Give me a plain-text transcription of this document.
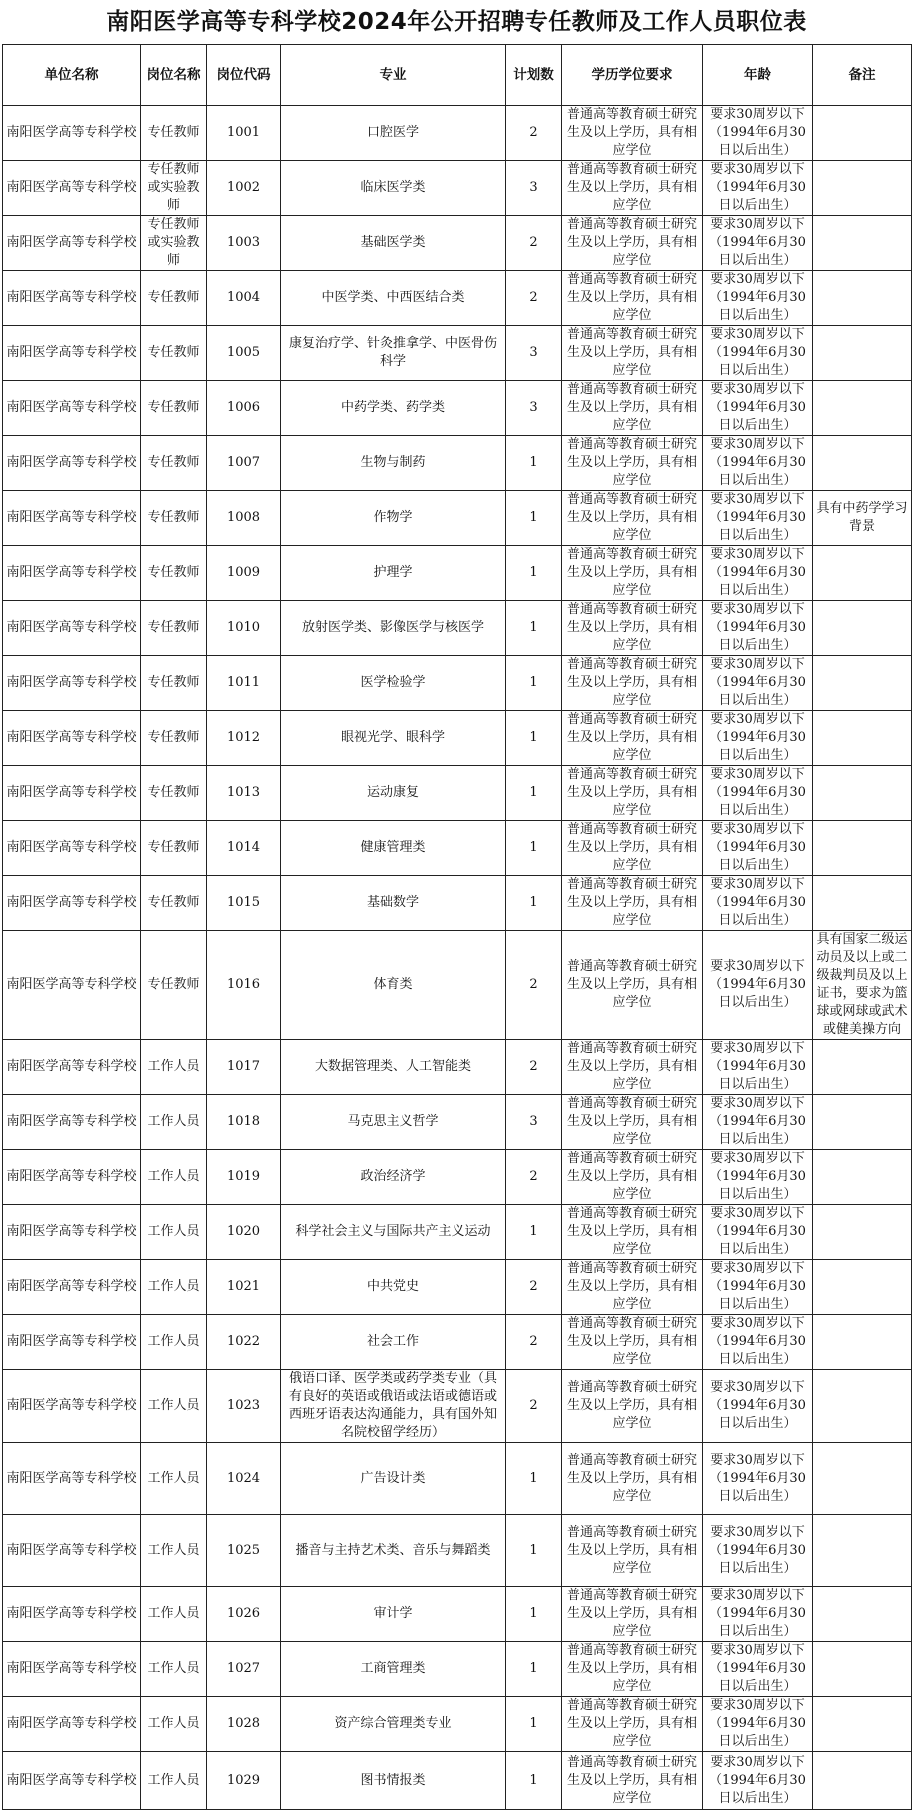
南阳医学高等专科学校2024年公开招聘专任教师及工作人员职位表
单位名称	岗位名称	岗位代码	专业	计划数	学历学位要求	年龄	备注
南阳医学高等专科学校	专任教师	1001	口腔医学	2	普通高等教育硕士研究生及以上学历，具有相应学位	要求30周岁以下（1994年6月30日以后出生）	
南阳医学高等专科学校	专任教师或实验教师	1002	临床医学类	3	普通高等教育硕士研究生及以上学历，具有相应学位	要求30周岁以下（1994年6月30日以后出生）	
南阳医学高等专科学校	专任教师或实验教师	1003	基础医学类	2	普通高等教育硕士研究生及以上学历，具有相应学位	要求30周岁以下（1994年6月30日以后出生）	
南阳医学高等专科学校	专任教师	1004	中医学类、中西医结合类	2	普通高等教育硕士研究生及以上学历，具有相应学位	要求30周岁以下（1994年6月30日以后出生）	
南阳医学高等专科学校	专任教师	1005	康复治疗学、针灸推拿学、中医骨伤科学	3	普通高等教育硕士研究生及以上学历，具有相应学位	要求30周岁以下（1994年6月30日以后出生）	
南阳医学高等专科学校	专任教师	1006	中药学类、药学类	3	普通高等教育硕士研究生及以上学历，具有相应学位	要求30周岁以下（1994年6月30日以后出生）	
南阳医学高等专科学校	专任教师	1007	生物与制药	1	普通高等教育硕士研究生及以上学历，具有相应学位	要求30周岁以下（1994年6月30日以后出生）	
南阳医学高等专科学校	专任教师	1008	作物学	1	普通高等教育硕士研究生及以上学历，具有相应学位	要求30周岁以下（1994年6月30日以后出生）	具有中药学学习背景
南阳医学高等专科学校	专任教师	1009	护理学	1	普通高等教育硕士研究生及以上学历，具有相应学位	要求30周岁以下（1994年6月30日以后出生）	
南阳医学高等专科学校	专任教师	1010	放射医学类、影像医学与核医学	1	普通高等教育硕士研究生及以上学历，具有相应学位	要求30周岁以下（1994年6月30日以后出生）	
南阳医学高等专科学校	专任教师	1011	医学检验学	1	普通高等教育硕士研究生及以上学历，具有相应学位	要求30周岁以下（1994年6月30日以后出生）	
南阳医学高等专科学校	专任教师	1012	眼视光学、眼科学	1	普通高等教育硕士研究生及以上学历，具有相应学位	要求30周岁以下（1994年6月30日以后出生）	
南阳医学高等专科学校	专任教师	1013	运动康复	1	普通高等教育硕士研究生及以上学历，具有相应学位	要求30周岁以下（1994年6月30日以后出生）	
南阳医学高等专科学校	专任教师	1014	健康管理类	1	普通高等教育硕士研究生及以上学历，具有相应学位	要求30周岁以下（1994年6月30日以后出生）	
南阳医学高等专科学校	专任教师	1015	基础数学	1	普通高等教育硕士研究生及以上学历，具有相应学位	要求30周岁以下（1994年6月30日以后出生）	
南阳医学高等专科学校	专任教师	1016	体育类	2	普通高等教育硕士研究生及以上学历，具有相应学位	要求30周岁以下（1994年6月30日以后出生）	具有国家二级运动员及以上或二级裁判员及以上证书，要求为篮球或网球或武术或健美操方向
南阳医学高等专科学校	工作人员	1017	大数据管理类、人工智能类	2	普通高等教育硕士研究生及以上学历，具有相应学位	要求30周岁以下（1994年6月30日以后出生）	
南阳医学高等专科学校	工作人员	1018	马克思主义哲学	3	普通高等教育硕士研究生及以上学历，具有相应学位	要求30周岁以下（1994年6月30日以后出生）	
南阳医学高等专科学校	工作人员	1019	政治经济学	2	普通高等教育硕士研究生及以上学历，具有相应学位	要求30周岁以下（1994年6月30日以后出生）	
南阳医学高等专科学校	工作人员	1020	科学社会主义与国际共产主义运动	1	普通高等教育硕士研究生及以上学历，具有相应学位	要求30周岁以下（1994年6月30日以后出生）	
南阳医学高等专科学校	工作人员	1021	中共党史	2	普通高等教育硕士研究生及以上学历，具有相应学位	要求30周岁以下（1994年6月30日以后出生）	
南阳医学高等专科学校	工作人员	1022	社会工作	2	普通高等教育硕士研究生及以上学历，具有相应学位	要求30周岁以下（1994年6月30日以后出生）	
南阳医学高等专科学校	工作人员	1023	俄语口译、医学类或药学类专业（具有良好的英语或俄语或法语或德语或西班牙语表达沟通能力，具有国外知名院校留学经历）	2	普通高等教育硕士研究生及以上学历，具有相应学位	要求30周岁以下（1994年6月30日以后出生）	
南阳医学高等专科学校	工作人员	1024	广告设计类	1	普通高等教育硕士研究生及以上学历，具有相应学位	要求30周岁以下（1994年6月30日以后出生）	
南阳医学高等专科学校	工作人员	1025	播音与主持艺术类、音乐与舞蹈类	1	普通高等教育硕士研究生及以上学历，具有相应学位	要求30周岁以下（1994年6月30日以后出生）	
南阳医学高等专科学校	工作人员	1026	审计学	1	普通高等教育硕士研究生及以上学历，具有相应学位	要求30周岁以下（1994年6月30日以后出生）	
南阳医学高等专科学校	工作人员	1027	工商管理类	1	普通高等教育硕士研究生及以上学历，具有相应学位	要求30周岁以下（1994年6月30日以后出生）	
南阳医学高等专科学校	工作人员	1028	资产综合管理类专业	1	普通高等教育硕士研究生及以上学历，具有相应学位	要求30周岁以下（1994年6月30日以后出生）	
南阳医学高等专科学校	工作人员	1029	图书情报类	1	普通高等教育硕士研究生及以上学历，具有相应学位	要求30周岁以下（1994年6月30日以后出生）	
